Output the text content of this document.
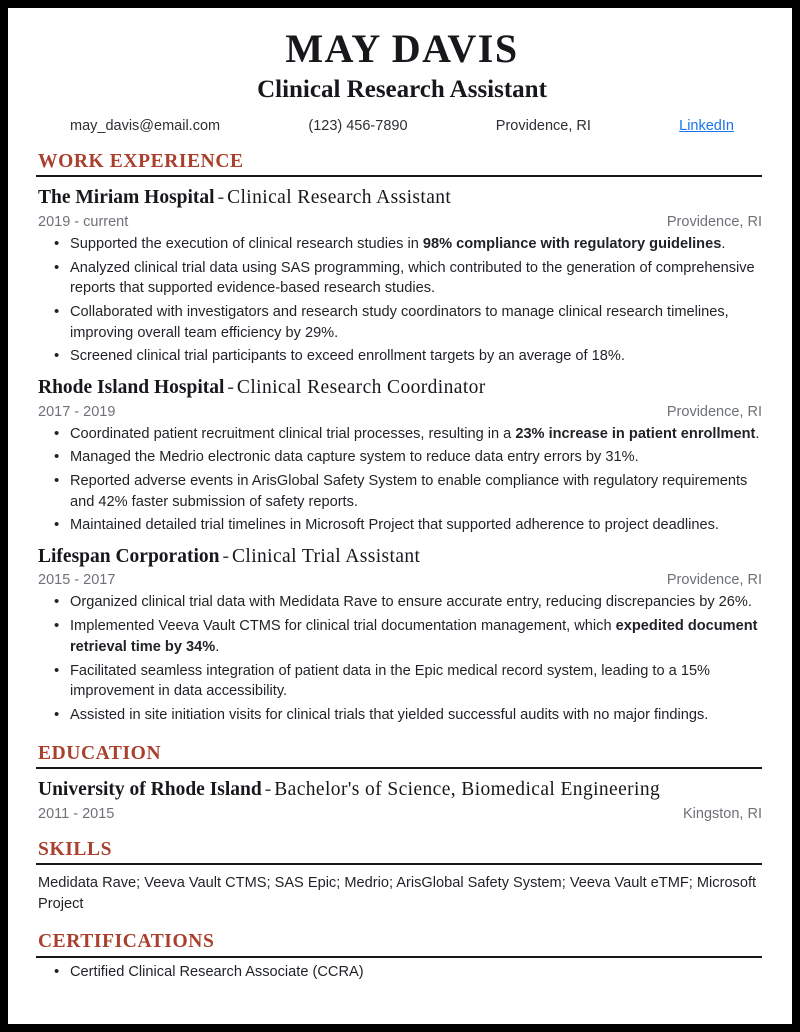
MAY DAVIS
Clinical Research Assistant
may_davis@email.com	(123) 456-7890	Providence, RI	LinkedIn
WORK EXPERIENCE
The Miriam Hospital - Clinical Research Assistant
2019 - current	Providence, RI
• Supported the execution of clinical research studies in 98% compliance with regulatory guidelines.
• Analyzed clinical trial data using SAS programming, which contributed to the generation of comprehensive reports that supported evidence-based research studies.
• Collaborated with investigators and research study coordinators to manage clinical research timelines, improving overall team efficiency by 29%.
• Screened clinical trial participants to exceed enrollment targets by an average of 18%.
Rhode Island Hospital - Clinical Research Coordinator
2017 - 2019	Providence, RI
• Coordinated patient recruitment clinical trial processes, resulting in a 23% increase in patient enrollment.
• Managed the Medrio electronic data capture system to reduce data entry errors by 31%.
• Reported adverse events in ArisGlobal Safety System to enable compliance with regulatory requirements and 42% faster submission of safety reports.
• Maintained detailed trial timelines in Microsoft Project that supported adherence to project deadlines.
Lifespan Corporation - Clinical Trial Assistant
2015 - 2017	Providence, RI
• Organized clinical trial data with Medidata Rave to ensure accurate entry, reducing discrepancies by 26%.
• Implemented Veeva Vault CTMS for clinical trial documentation management, which expedited document retrieval time by 34%.
• Facilitated seamless integration of patient data in the Epic medical record system, leading to a 15% improvement in data accessibility.
• Assisted in site initiation visits for clinical trials that yielded successful audits with no major findings.
EDUCATION
University of Rhode Island - Bachelor's of Science, Biomedical Engineering
2011 - 2015	Kingston, RI
SKILLS
Medidata Rave; Veeva Vault CTMS; SAS Epic; Medrio; ArisGlobal Safety System; Veeva Vault eTMF; Microsoft Project
CERTIFICATIONS
• Certified Clinical Research Associate (CCRA)
